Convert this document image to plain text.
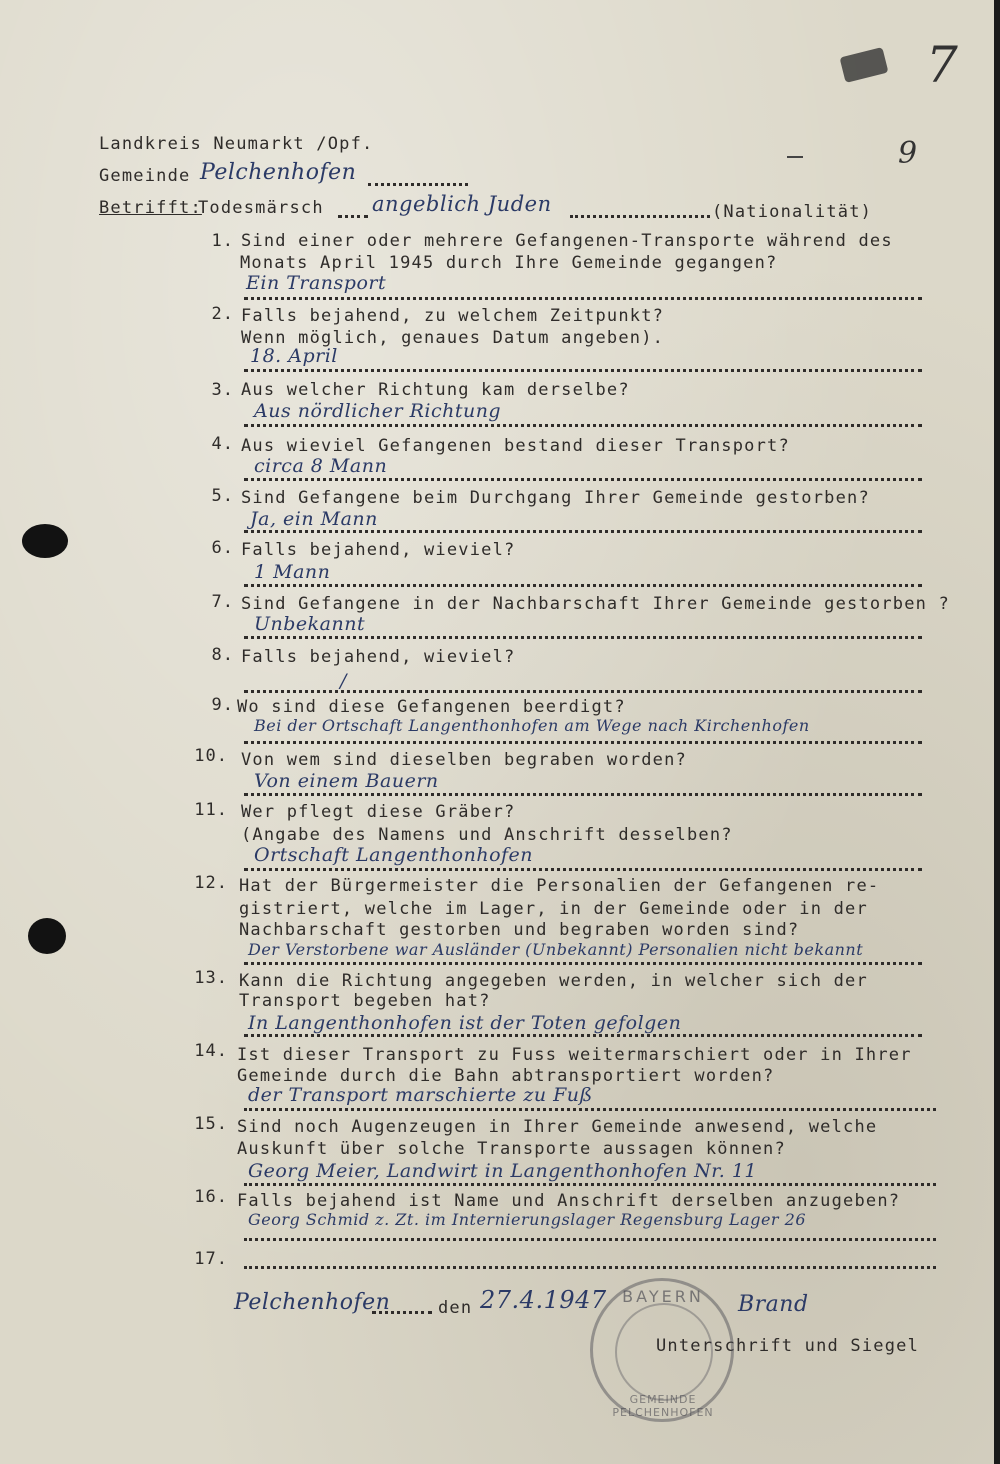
7
9
Landkreis Neumarkt /Opf.
Gemeinde Pelchenhofen
Betrifft:
Todesmärsch angeblich Juden	(Nationalität)
1. Sind einer oder mehrere Gefangenen-Transporte während des
Monats April 1945 durch Ihre Gemeinde gegangen?
Ein Transport
2. Falls bejahend, zu welchem Zeitpunkt?
Wenn möglich, genaues Datum angeben).
18. April
3. Aus welcher Richtung kam derselbe?
Aus nördlicher Richtung
4. Aus wieviel Gefangenen bestand dieser Transport?
circa 8 Mann
5. Sind Gefangene beim Durchgang Ihrer Gemeinde gestorben?
Ja, ein Mann
6. Falls bejahend, wieviel?
1 Mann
7. Sind Gefangene in der Nachbarschaft Ihrer Gemeinde gestorben ?
Unbekannt
8. Falls bejahend, wieviel?
/
9. Wo sind diese Gefangenen beerdigt?
Bei der Ortschaft Langenthonhofen am Wege nach Kirchenhofen
10. Von wem sind dieselben begraben worden?
Von einem Bauern
11. Wer pflegt diese Gräber?
(Angabe des Namens und Anschrift desselben?
Ortschaft Langenthonhofen
12. Hat der Bürgermeister die Personalien der Gefangenen re-
gistriert, welche im Lager, in der Gemeinde oder in der
Nachbarschaft gestorben und begraben worden sind?
Der Verstorbene war Ausländer (Unbekannt) Personalien nicht bekannt
13. Kann die Richtung angegeben werden, in welcher sich der
Transport begeben hat?
In Langenthonhofen ist der Toten gefolgen
14. Ist dieser Transport zu Fuss weitermarschiert oder in Ihrer
Gemeinde durch die Bahn abtransportiert worden?
der Transport marschierte zu Fuß
15. Sind noch Augenzeugen in Ihrer Gemeinde anwesend, welche
Auskunft über solche Transporte aussagen können?
Georg Meier, Landwirt in Langenthonhofen Nr. 11
16. Falls bejahend ist Name und Anschrift derselben anzugeben?
Georg Schmid z. Zt. im Internierungslager Regensburg Lager 26
17.
Pelchenhofen	den 27.4.1947	Brand
Unterschrift und Siegel
BAYERN
GEMEINDE PELCHENHOFEN
